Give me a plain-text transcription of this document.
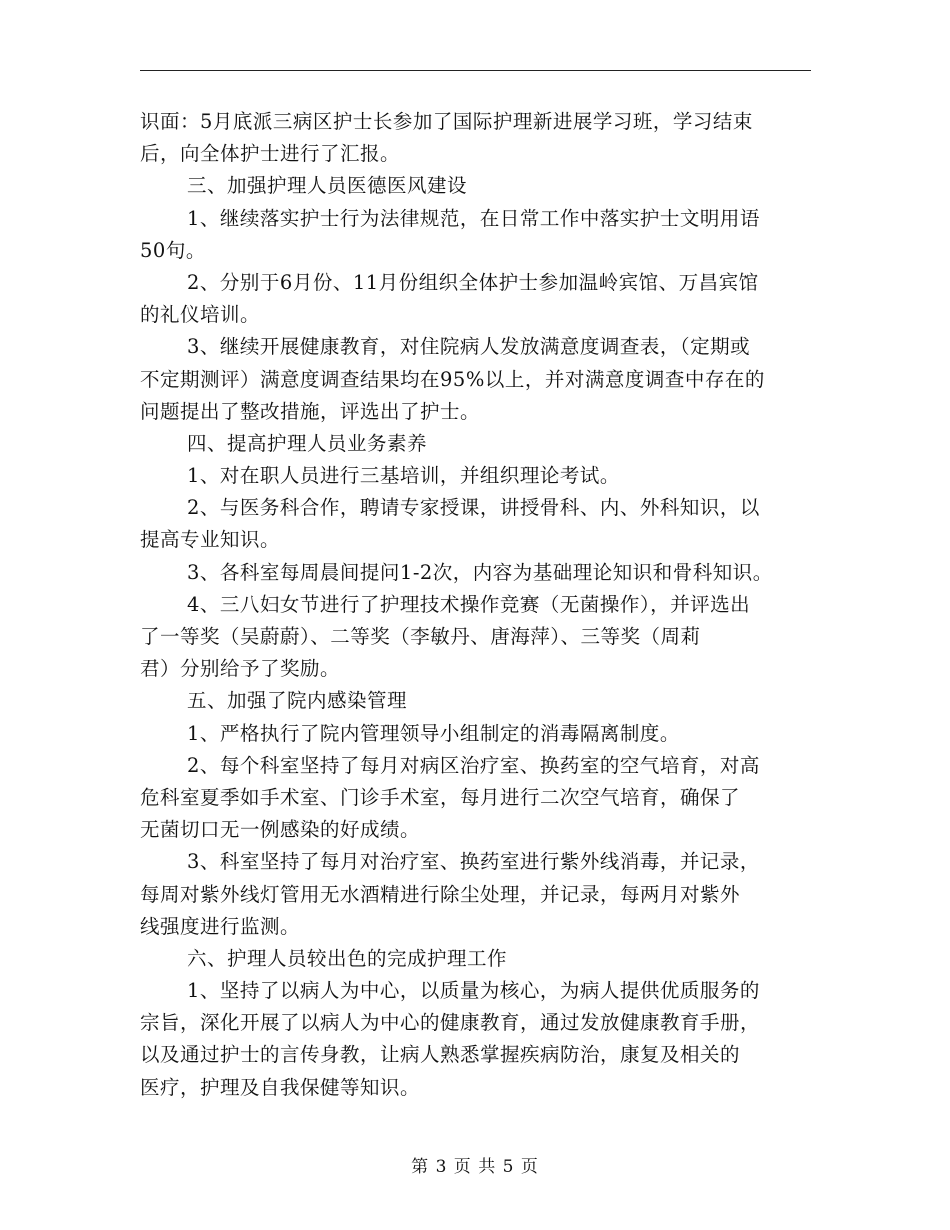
识面：5月底派三病区护士长参加了国际护理新进展学习班，学习结束
后，向全体护士进行了汇报。
三、加强护理人员医德医风建设
1、继续落实护士行为法律规范，在日常工作中落实护士文明用语
50句。
2、分别于6月份、11月份组织全体护士参加温岭宾馆、万昌宾馆
的礼仪培训。
3、继续开展健康教育，对住院病人发放满意度调查表，（定期或
不定期测评）满意度调查结果均在95%以上，并对满意度调查中存在的
问题提出了整改措施，评选出了护士。
四、提高护理人员业务素养
1、对在职人员进行三基培训，并组织理论考试。
2、与医务科合作，聘请专家授课，讲授骨科、内、外科知识，以
提高专业知识。
3、各科室每周晨间提问1-2次，内容为基础理论知识和骨科知识。
4、三八妇女节进行了护理技术操作竞赛（无菌操作），并评选出
了一等奖（吴蔚蔚）、二等奖（李敏丹、唐海萍）、三等奖（周莉
君）分别给予了奖励。
五、加强了院内感染管理
1、严格执行了院内管理领导小组制定的消毒隔离制度。
2、每个科室坚持了每月对病区治疗室、换药室的空气培育，对高
危科室夏季如手术室、门诊手术室，每月进行二次空气培育，确保了
无菌切口无一例感染的好成绩。
3、科室坚持了每月对治疗室、换药室进行紫外线消毒，并记录，
每周对紫外线灯管用无水酒精进行除尘处理，并记录，每两月对紫外
线强度进行监测。
六、护理人员较出色的完成护理工作
1、坚持了以病人为中心，以质量为核心，为病人提供优质服务的
宗旨，深化开展了以病人为中心的健康教育，通过发放健康教育手册，
以及通过护士的言传身教，让病人熟悉掌握疾病防治，康复及相关的
医疗，护理及自我保健等知识。
第 3 页 共 5 页
